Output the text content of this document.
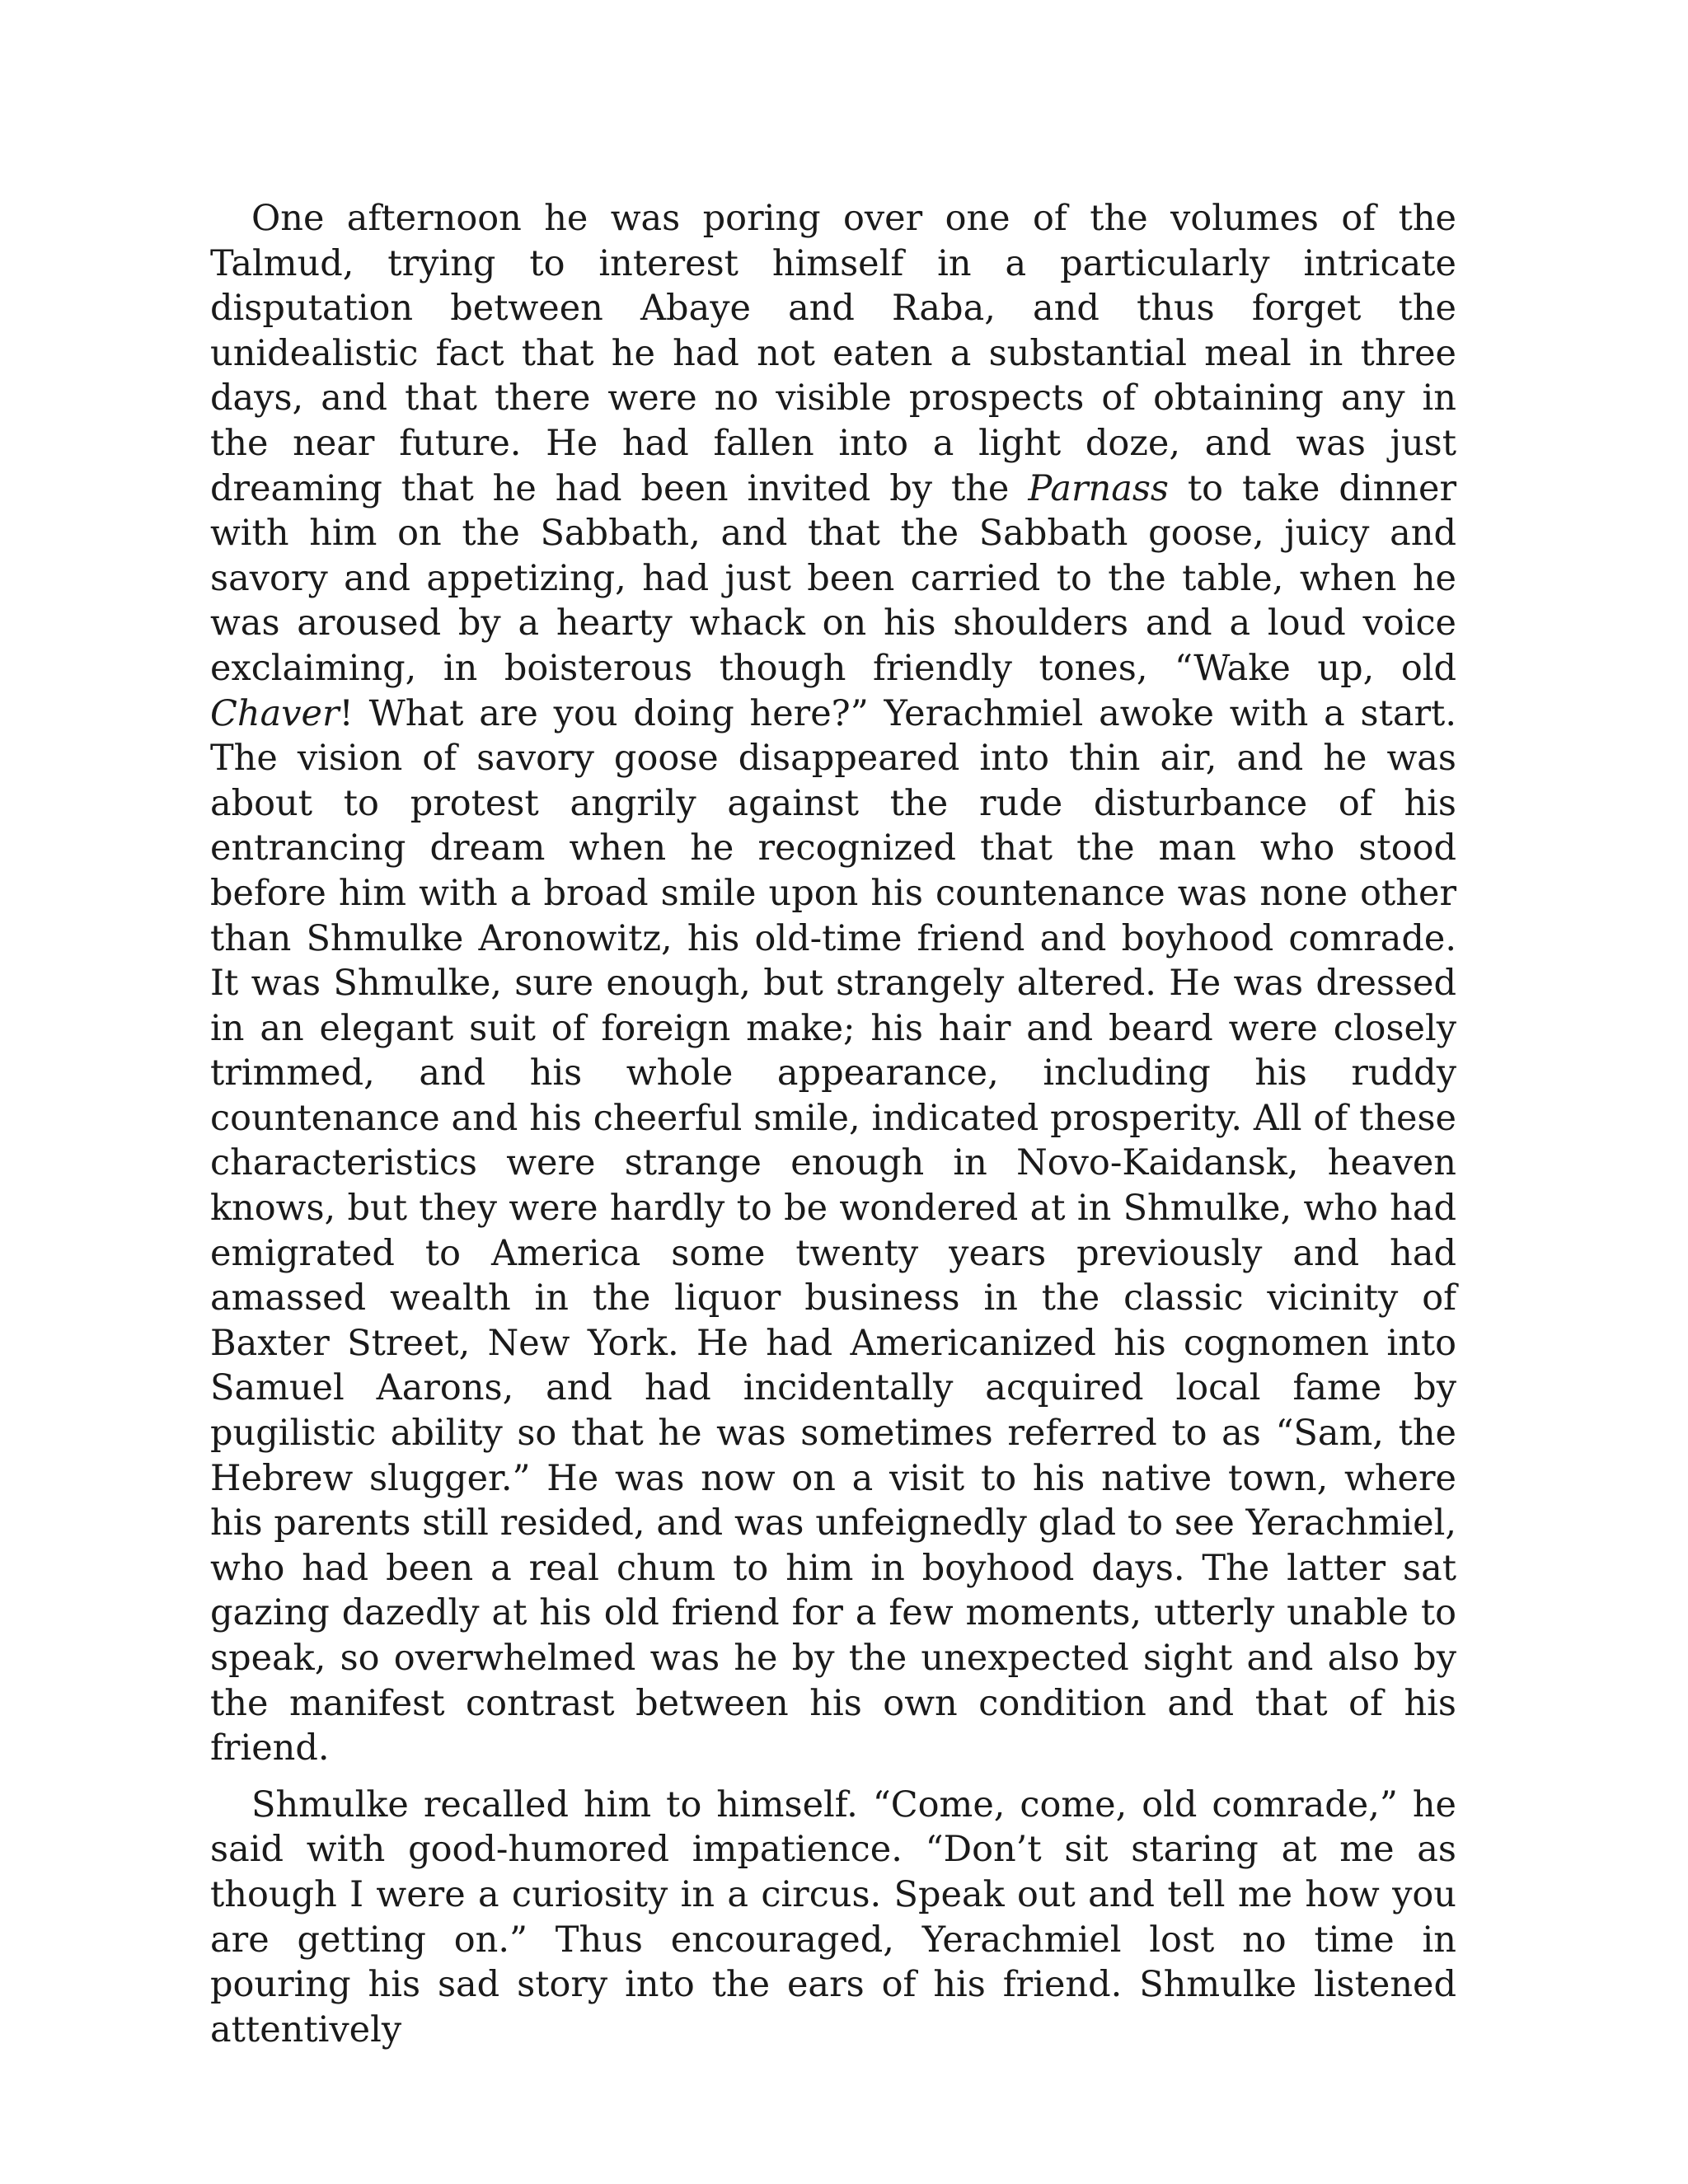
One afternoon he was poring over one of the volumes of the Talmud, trying to interest himself in a particularly intricate disputation between Abaye and Raba, and thus forget the unidealistic fact that he had not eaten a substantial meal in three days, and that there were no visible prospects of obtaining any in the near future. He had fallen into a light doze, and was just dreaming that he had been invited by the Parnass to take dinner with him on the Sabbath, and that the Sabbath goose, juicy and savory and appetizing, had just been carried to the table, when he was aroused by a hearty whack on his shoulders and a loud voice exclaiming, in boisterous though friendly tones, “Wake up, old Chaver! What are you doing here?” Yerachmiel awoke with a start. The vision of savory goose disappeared into thin air, and he was about to protest angrily against the rude disturbance of his entrancing dream when he recognized that the man who stood before him with a broad smile upon his countenance was none other than Shmulke Aronowitz, his old-time friend and boyhood comrade. It was Shmulke, sure enough, but strangely altered. He was dressed in an elegant suit of foreign make; his hair and beard were closely trimmed, and his whole appearance, including his ruddy countenance and his cheerful smile, indicated prosperity. All of these characteristics were strange enough in Novo-Kaidansk, heaven knows, but they were hardly to be wondered at in Shmulke, who had emigrated to America some twenty years previously and had amassed wealth in the liquor business in the classic vicinity of Baxter Street, New York. He had Americanized his cognomen into Samuel Aarons, and had incidentally acquired local fame by pugilistic ability so that he was sometimes referred to as “Sam, the Hebrew slugger.” He was now on a visit to his native town, where his parents still resided, and was unfeignedly glad to see Yerachmiel, who had been a real chum to him in boyhood days. The latter sat gazing dazedly at his old friend for a few moments, utterly unable to speak, so overwhelmed was he by the unexpected sight and also by the manifest contrast between his own condition and that of his friend.

Shmulke recalled him to himself. “Come, come, old comrade,” he said with good-humored impatience. “Don’t sit staring at me as though I were a curiosity in a circus. Speak out and tell me how you are getting on.” Thus encouraged, Yerachmiel lost no time in pouring his sad story into the ears of his friend. Shmulke listened attentively
